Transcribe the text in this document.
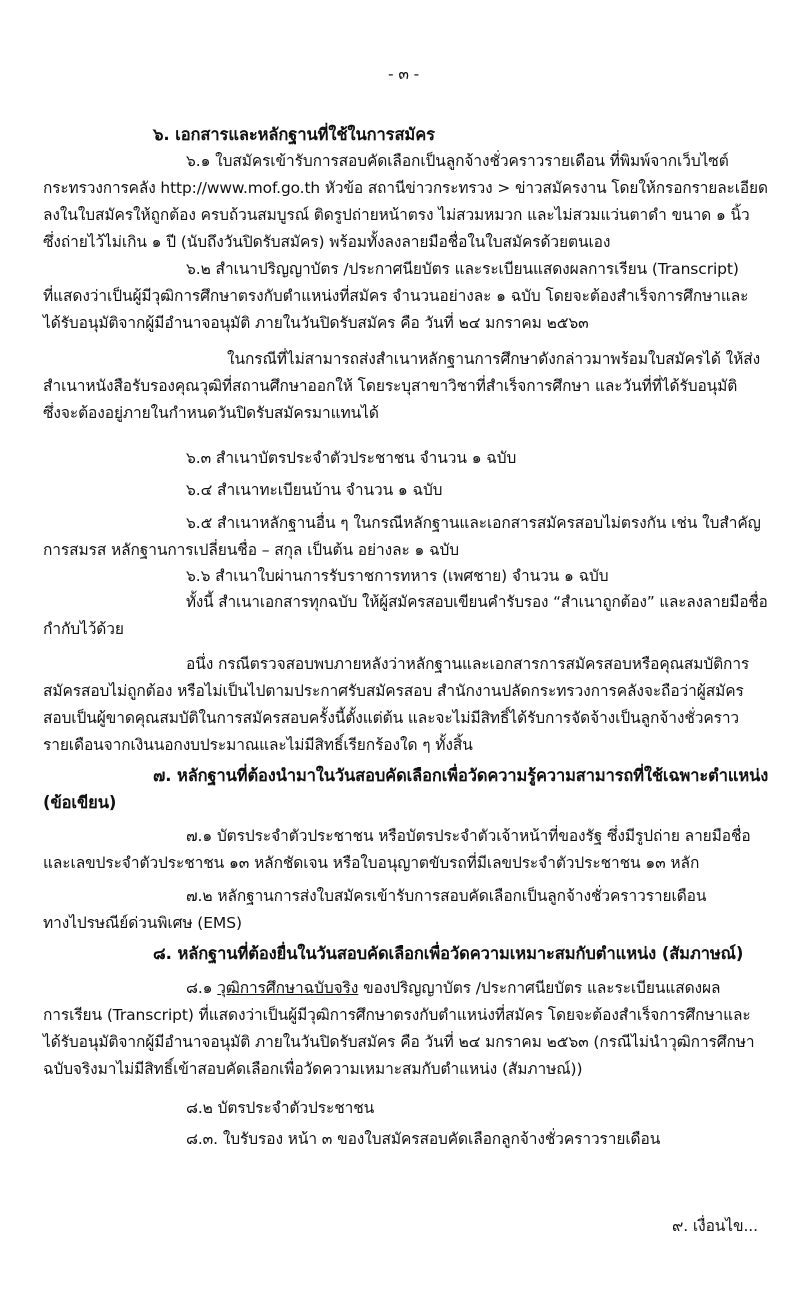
- ๓ -
๖. เอกสารและหลักฐานที่ใช้ในการสมัคร
๖.๑ ใบสมัครเข้ารับการสอบคัดเลือกเป็นลูกจ้างชั่วคราวรายเดือน ที่พิมพ์จากเว็บไซต์
กระทรวงการคลัง http://www.mof.go.th หัวข้อ สถานีข่าวกระทรวง > ข่าวสมัครงาน โดยให้กรอกรายละเอียด
ลงในใบสมัครให้ถูกต้อง ครบถ้วนสมบูรณ์ ติดรูปถ่ายหน้าตรง ไม่สวมหมวก และไม่สวมแว่นตาดำ ขนาด ๑ นิ้ว
ซึ่งถ่ายไว้ไม่เกิน ๑ ปี (นับถึงวันปิดรับสมัคร) พร้อมทั้งลงลายมือชื่อในใบสมัครด้วยตนเอง
๖.๒ สำเนาปริญญาบัตร /ประกาศนียบัตร และระเบียนแสดงผลการเรียน (Transcript)
ที่แสดงว่าเป็นผู้มีวุฒิการศึกษาตรงกับตำแหน่งที่สมัคร จำนวนอย่างละ ๑ ฉบับ โดยจะต้องสำเร็จการศึกษาและ
ได้รับอนุมัติจากผู้มีอำนาจอนุมัติ ภายในวันปิดรับสมัคร คือ วันที่ ๒๔ มกราคม ๒๕๖๓
ในกรณีที่ไม่สามารถส่งสำเนาหลักฐานการศึกษาดังกล่าวมาพร้อมใบสมัครได้ ให้ส่ง
สำเนาหนังสือรับรองคุณวุฒิที่สถานศึกษาออกให้ โดยระบุสาขาวิชาที่สำเร็จการศึกษา และวันที่ที่ได้รับอนุมัติ
ซึ่งจะต้องอยู่ภายในกำหนดวันปิดรับสมัครมาแทนได้
๖.๓ สำเนาบัตรประจำตัวประชาชน จำนวน ๑ ฉบับ
๖.๔ สำเนาทะเบียนบ้าน จำนวน ๑ ฉบับ
๖.๕ สำเนาหลักฐานอื่น ๆ ในกรณีหลักฐานและเอกสารสมัครสอบไม่ตรงกัน เช่น ใบสำคัญ
การสมรส หลักฐานการเปลี่ยนชื่อ – สกุล เป็นต้น อย่างละ ๑ ฉบับ
๖.๖ สำเนาใบผ่านการรับราชการทหาร (เพศชาย) จำนวน ๑ ฉบับ
ทั้งนี้ สำเนาเอกสารทุกฉบับ ให้ผู้สมัครสอบเขียนคำรับรอง “สำเนาถูกต้อง” และลงลายมือชื่อ
กำกับไว้ด้วย
อนึ่ง กรณีตรวจสอบพบภายหลังว่าหลักฐานและเอกสารการสมัครสอบหรือคุณสมบัติการ
สมัครสอบไม่ถูกต้อง หรือไม่เป็นไปตามประกาศรับสมัครสอบ สำนักงานปลัดกระทรวงการคลังจะถือว่าผู้สมัคร
สอบเป็นผู้ขาดคุณสมบัติในการสมัครสอบครั้งนี้ตั้งแต่ต้น และจะไม่มีสิทธิ์ได้รับการจัดจ้างเป็นลูกจ้างชั่วคราว
รายเดือนจากเงินนอกงบประมาณและไม่มีสิทธิ์เรียกร้องใด ๆ ทั้งสิ้น
๗. หลักฐานที่ต้องนำมาในวันสอบคัดเลือกเพื่อวัดความรู้ความสามารถที่ใช้เฉพาะตำแหน่ง
(ข้อเขียน)
๗.๑ บัตรประจำตัวประชาชน หรือบัตรประจำตัวเจ้าหน้าที่ของรัฐ ซึ่งมีรูปถ่าย ลายมือชื่อ
และเลขประจำตัวประชาชน ๑๓ หลักชัดเจน หรือใบอนุญาตขับรถที่มีเลขประจำตัวประชาชน ๑๓ หลัก
๗.๒ หลักฐานการส่งใบสมัครเข้ารับการสอบคัดเลือกเป็นลูกจ้างชั่วคราวรายเดือน
ทางไปรษณีย์ด่วนพิเศษ (EMS)
๘. หลักฐานที่ต้องยื่นในวันสอบคัดเลือกเพื่อวัดความเหมาะสมกับตำแหน่ง (สัมภาษณ์)
๘.๑ วุฒิการศึกษาฉบับจริง ของปริญญาบัตร /ประกาศนียบัตร และระเบียนแสดงผล
การเรียน (Transcript) ที่แสดงว่าเป็นผู้มีวุฒิการศึกษาตรงกับตำแหน่งที่สมัคร โดยจะต้องสำเร็จการศึกษาและ
ได้รับอนุมัติจากผู้มีอำนาจอนุมัติ ภายในวันปิดรับสมัคร คือ วันที่ ๒๔ มกราคม ๒๕๖๓ (กรณีไม่นำวุฒิการศึกษา
ฉบับจริงมาไม่มีสิทธิ์เข้าสอบคัดเลือกเพื่อวัดความเหมาะสมกับตำแหน่ง (สัมภาษณ์))
๘.๒ บัตรประจำตัวประชาชน
๘.๓. ใบรับรอง หน้า ๓ ของใบสมัครสอบคัดเลือกลูกจ้างชั่วคราวรายเดือน
๙. เงื่อนไข...
